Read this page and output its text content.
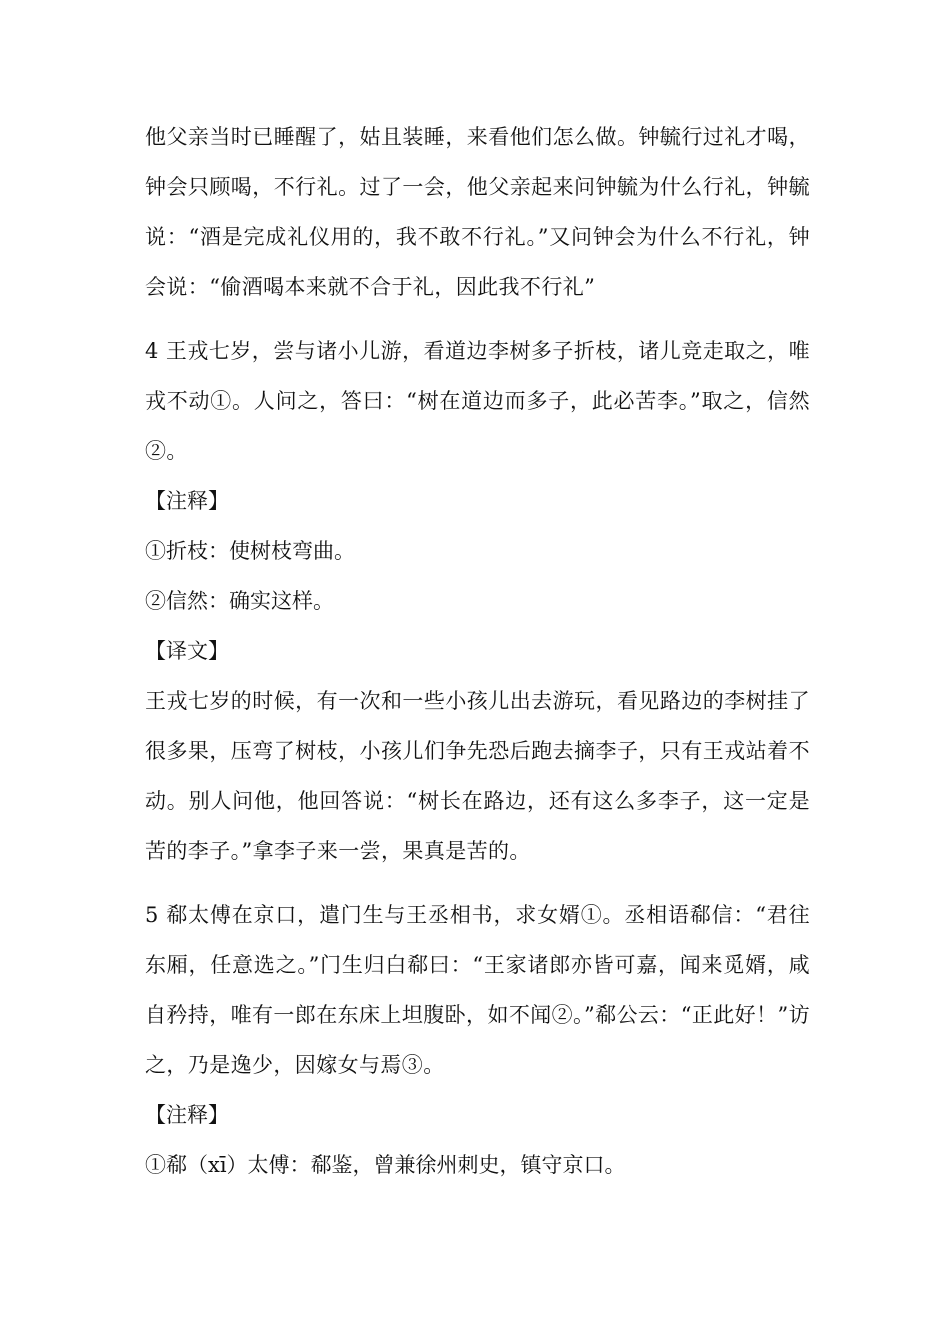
他父亲当时已睡醒了，姑且装睡，来看他们怎么做。钟毓行过礼才喝，钟会只顾喝，不行礼。过了一会，他父亲起来问钟毓为什么行礼，钟毓说：“酒是完成礼仪用的，我不敢不行礼。”又问钟会为什么不行礼，钟会说：“偷酒喝本来就不合于礼，因此我不行礼”

4 王戎七岁，尝与诸小儿游，看道边李树多子折枝，诸儿竞走取之，唯戎不动①。人问之，答曰：“树在道边而多子，此必苦李。”取之，信然②。

【注释】

①折枝：使树枝弯曲。

②信然：确实这样。

【译文】

王戎七岁的时候，有一次和一些小孩儿出去游玩，看见路边的李树挂了很多果，压弯了树枝，小孩儿们争先恐后跑去摘李子，只有王戎站着不动。别人问他，他回答说：“树长在路边，还有这么多李子，这一定是苦的李子。”拿李子来一尝，果真是苦的。

5 郗太傅在京口，遣门生与王丞相书，求女婿①。丞相语郗信：“君往东厢，任意选之。”门生归白郗曰：“王家诸郎亦皆可嘉，闻来觅婿，咸自矜持，唯有一郎在东床上坦腹卧，如不闻②。”郗公云：“正此好！”访之，乃是逸少，因嫁女与焉③。

【注释】

①郗（xī）太傅：郗鉴，曾兼徐州刺史，镇守京口。
